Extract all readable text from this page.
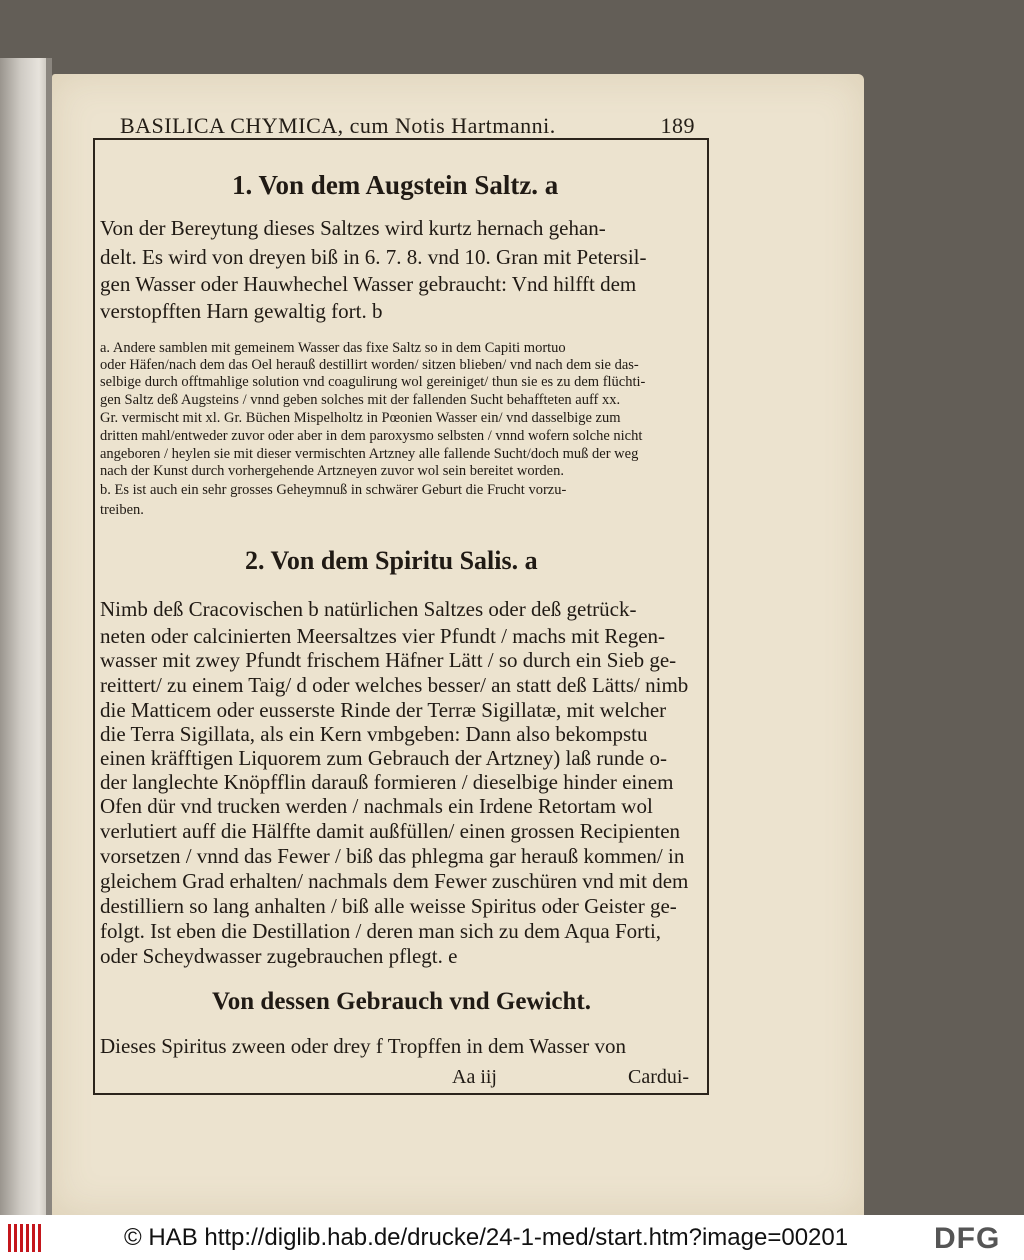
BASILICA CHYMICA, cum Notis Hartmanni.	189
1. Von dem Augstein Saltz. a
Von der Bereytung dieses Saltzes wird kurtz hernach gehan-
delt. Es wird von dreyen biß in 6. 7. 8. vnd 10. Gran mit Petersil-
gen Wasser oder Hauwhechel Wasser gebraucht: Vnd hilfft dem
verstopfften Harn gewaltig fort. b
a. Andere samblen mit gemeinem Wasser das fixe Saltz so in dem Capiti mortuo
oder Häfen/nach dem das Oel herauß destillirt worden/ sitzen blieben/ vnd nach dem sie das-
selbige durch offtmahlige solution vnd coagulirung wol gereiniget/ thun sie es zu dem flüchti-
gen Saltz deß Augsteins / vnnd geben solches mit der fallenden Sucht behaffteten auff xx.
Gr. vermischt mit xl. Gr. Büchen Mispelholtz in Pœonien Wasser ein/ vnd dasselbige zum
dritten mahl/entweder zuvor oder aber in dem paroxysmo selbsten / vnnd wofern solche nicht
angeboren / heylen sie mit dieser vermischten Artzney alle fallende Sucht/doch muß der weg
nach der Kunst durch vorhergehende Artzneyen zuvor wol sein bereitet worden.
b. Es ist auch ein sehr grosses Geheymnuß in schwärer Geburt die Frucht vorzu-
treiben.
2. Von dem Spiritu Salis. a
Nimb deß Cracovischen b natürlichen Saltzes oder deß getrück-
neten oder calcinierten Meersaltzes vier Pfundt / machs mit Regen-
wasser mit zwey Pfundt frischem Häfner Lätt / so durch ein Sieb ge-
reittert/ zu einem Taig/ d oder welches besser/ an statt deß Lätts/ nimb
die Matticem oder eusserste Rinde der Terræ Sigillatæ, mit welcher
die Terra Sigillata, als ein Kern vmbgeben: Dann also bekompstu
einen kräfftigen Liquorem zum Gebrauch der Artzney) laß runde o-
der langlechte Knöpfflin darauß formieren / dieselbige hinder einem
Ofen dür vnd trucken werden / nachmals ein Irdene Retortam wol
verlutiert auff die Hälffte damit außfüllen/ einen grossen Recipienten
vorsetzen / vnnd das Fewer / biß das phlegma gar herauß kommen/ in
gleichem Grad erhalten/ nachmals dem Fewer zuschüren vnd mit dem
destilliern so lang anhalten / biß alle weisse Spiritus oder Geister ge-
folgt. Ist eben die Destillation / deren man sich zu dem Aqua Forti,
oder Scheydwasser zugebrauchen pflegt. e
Von dessen Gebrauch vnd Gewicht.
Dieses Spiritus zween oder drey f Tropffen in dem Wasser von
Aa iij	Cardui-
© HAB http://diglib.hab.de/drucke/24-1-med/start.htm?image=00201	DFG
